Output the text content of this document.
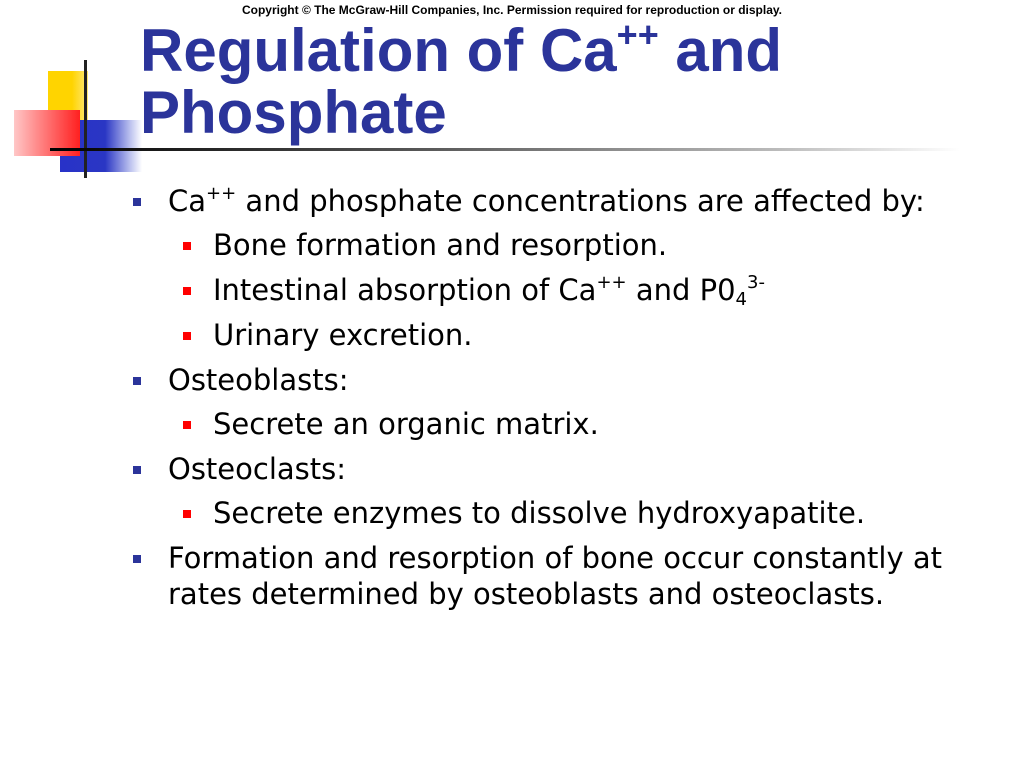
Copyright © The McGraw-Hill Companies, Inc. Permission required for reproduction or display.
Regulation of Ca++ and Phosphate
Ca++ and phosphate concentrations are affected by:
Bone formation and resorption.
Intestinal absorption of Ca++ and $P0_4^{3-}$
Urinary excretion.
Osteoblasts:
Secrete an organic matrix.
Osteoclasts:
Secrete enzymes to dissolve hydroxyapatite.
Formation and resorption of bone occur constantly at rates determined by osteoblasts and osteoclasts.
